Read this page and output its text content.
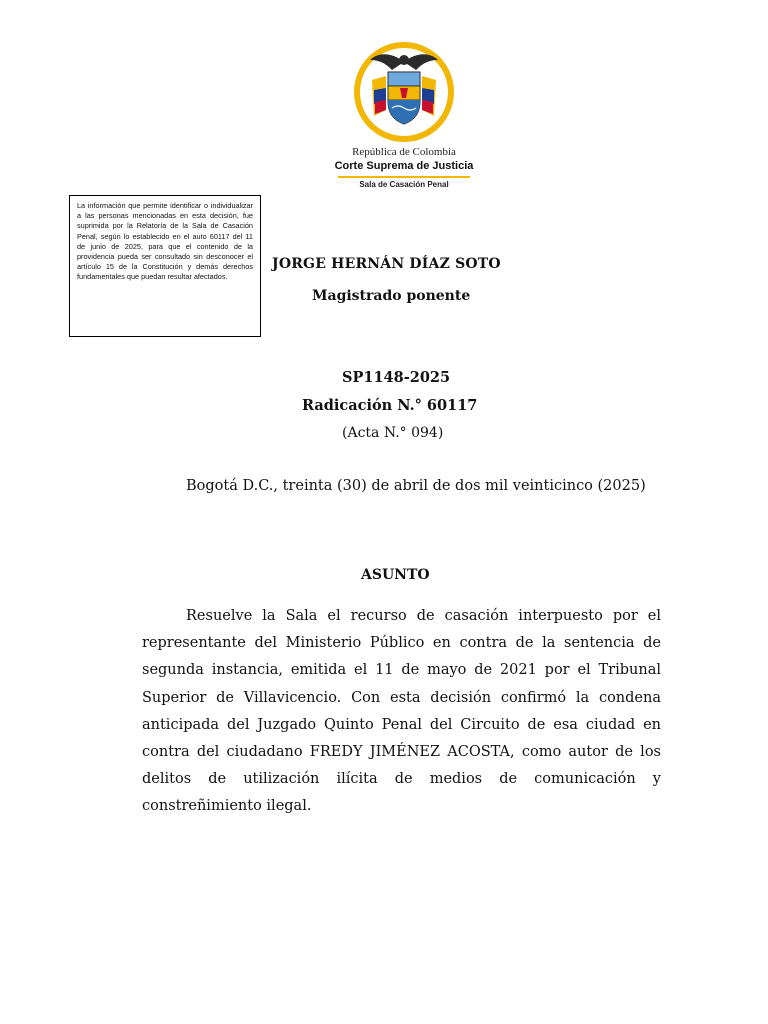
República de Colombia
Corte Suprema de Justicia
Sala de Casación Penal
La información que permite identificar o individualizar a las personas mencionadas en esta decisión, fue suprimida por la Relatoría de la Sala de Casación Penal, según lo establecido en el auto 60117 del 11 de junio de 2025, para que el contenido de la providencia pueda ser consultado sin desconocer el artículo 15 de la Constitución y demás derechos fundamentales que puedan resultar afectados.
JORGE HERNÁN DÍAZ SOTO
Magistrado ponente
SP1148-2025
Radicación N.° 60117
(Acta N.° 094)
Bogotá D.C., treinta (30) de abril de dos mil veinticinco (2025)
ASUNTO
Resuelve la Sala el recurso de casación interpuesto por el representante del Ministerio Público en contra de la sentencia de segunda instancia, emitida el 11 de mayo de 2021 por el Tribunal Superior de Villavicencio. Con esta decisión confirmó la condena anticipada del Juzgado Quinto Penal del Circuito de esa ciudad en contra del ciudadano FREDY JIMÉNEZ ACOSTA, como autor de los delitos de utilización ilícita de medios de comunicación y constreñimiento ilegal.
